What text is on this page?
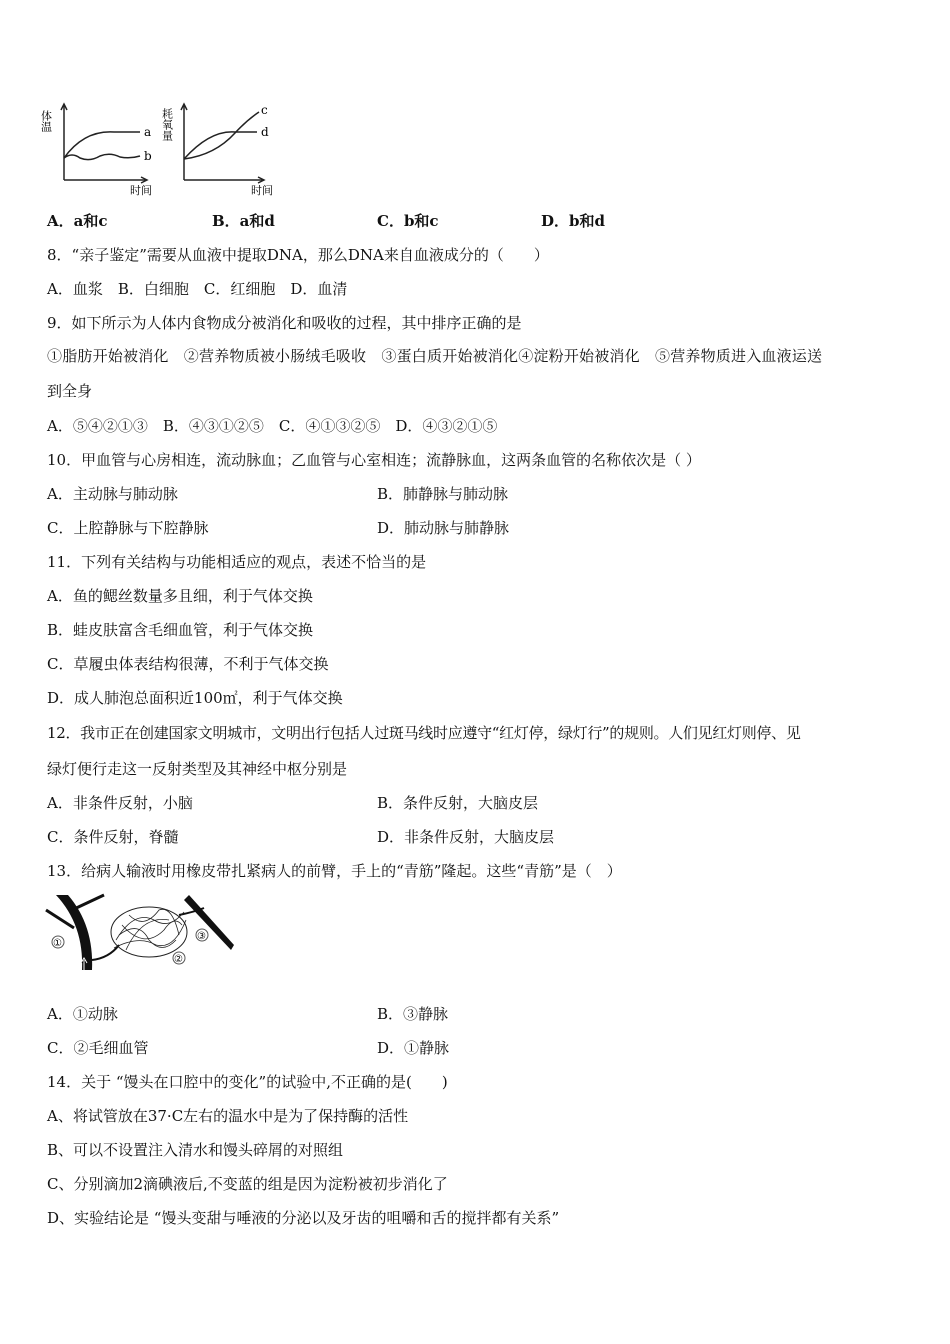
体温	a
b
时间
耗氧量	c
d
时间
A．a和c	B．a和d	C．b和c	D．b和d
8．“亲子鉴定”需要从血液中提取DNA，那么DNA来自血液成分的（　　）
A．血浆　B．白细胞　C．红细胞　D．血清
9．如下所示为人体内食物成分被消化和吸收的过程，其中排序正确的是
①脂肪开始被消化　②营养物质被小肠绒毛吸收　③蛋白质开始被消化④淀粉开始被消化　⑤营养物质进入血液运送
到全身
A．⑤④②①③　B．④③①②⑤　C．④①③②⑤　D．④③②①⑤
10．甲血管与心房相连，流动脉血；乙血管与心室相连；流静脉血，这两条血管的名称依次是（ ）
A．主动脉与肺动脉	B．肺静脉与肺动脉
C．上腔静脉与下腔静脉	D．肺动脉与肺静脉
11．下列有关结构与功能相适应的观点，表述不恰当的是
A．鱼的鳃丝数量多且细，利于气体交换
B．蛙皮肤富含毛细血管，利于气体交换
C．草履虫体表结构很薄，不利于气体交换
D．成人肺泡总面积近100㎡，利于气体交换
12．我市正在创建国家文明城市，文明出行包括人过斑马线时应遵守“红灯停，绿灯行”的规则。人们见红灯则停、见
绿灯便行走这一反射类型及其神经中枢分别是
A．非条件反射，小脑	B．条件反射，大脑皮层
C．条件反射，脊髓	D．非条件反射，大脑皮层
13．给病人输液时用橡皮带扎紧病人的前臂，手上的“青筋”隆起。这些“青筋”是（　）
①
②
③
A．①动脉	B．③静脉
C．②毛细血管	D．①静脉
14．关于 “馒头在口腔中的变化”的试验中,不正确的是(　　)
A、将试管放在37·C左右的温水中是为了保持酶的活性
B、可以不设置注入清水和馒头碎屑的对照组
C、分别滴加2滴碘液后,不变蓝的组是因为淀粉被初步消化了
D、实验结论是 “馒头变甜与唾液的分泌以及牙齿的咀嚼和舌的搅拌都有关系”
